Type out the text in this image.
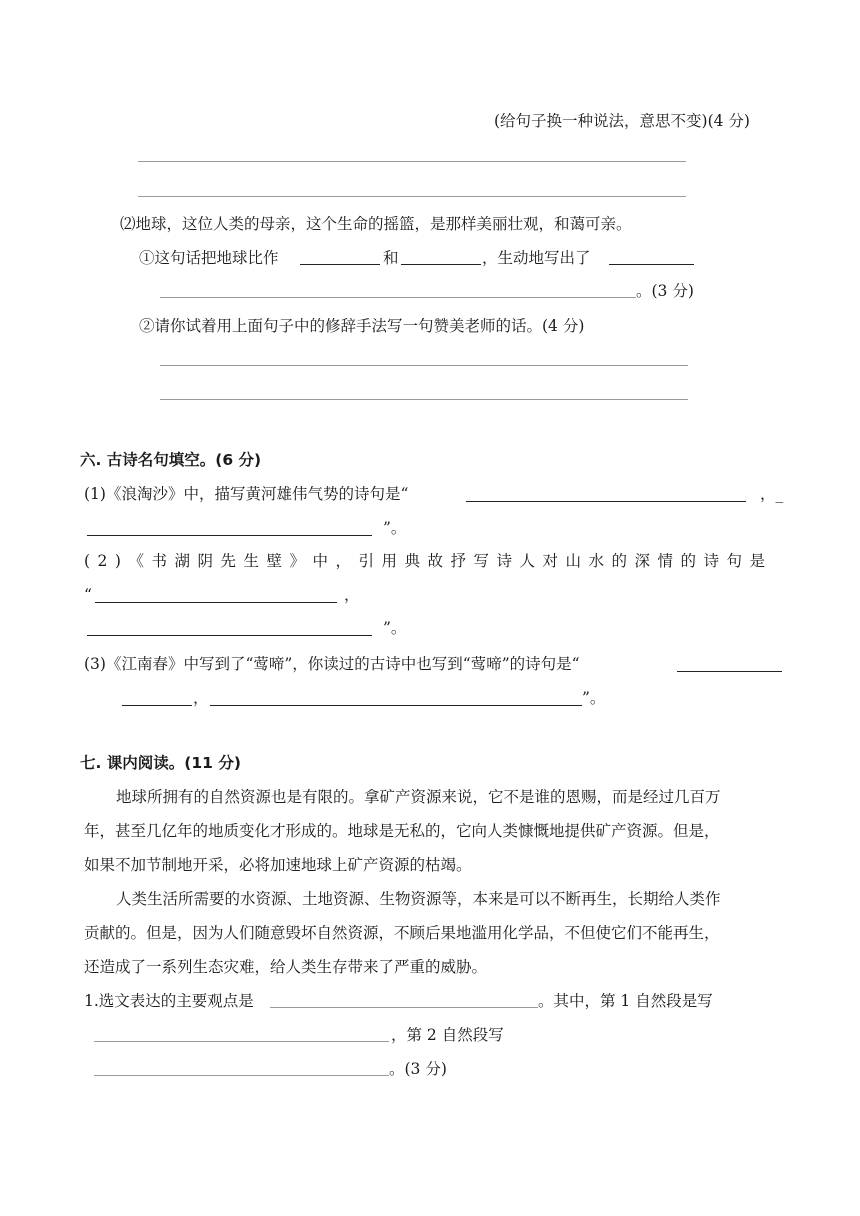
(给句子换一种说法，意思不变)(4 分)
⑵地球，这位人类的母亲，这个生命的摇篮，是那样美丽壮观，和蔼可亲。
①这句话把地球比作	和	，生动地写出了
。(3 分)
②请你试着用上面句子中的修辞手法写一句赞美老师的话。(4 分)
六. 古诗名句填空。(6 分)
(1)《浪淘沙》中，描写黄河雄伟气势的诗句是“	，_
”。
(2)《书湖阴先生壁》中，引用典故抒写诗人对山水的深情的诗句是
“	，
”。
(3)《江南春》中写到了“莺啼”，你读过的古诗中也写到“莺啼”的诗句是“
，	”。
七. 课内阅读。(11 分)
地球所拥有的自然资源也是有限的。拿矿产资源来说，它不是谁的恩赐，而是经过几百万
年，甚至几亿年的地质变化才形成的。地球是无私的，它向人类慷慨地提供矿产资源。但是，
如果不加节制地开采，必将加速地球上矿产资源的枯竭。
人类生活所需要的水资源、土地资源、生物资源等，本来是可以不断再生，长期给人类作
贡献的。但是，因为人们随意毁坏自然资源，不顾后果地滥用化学品，不但使它们不能再生，
还造成了一系列生态灾难，给人类生存带来了严重的威胁。
1.选文表达的主要观点是	。其中，第 1 自然段是写
，第 2 自然段写
。(3 分)
